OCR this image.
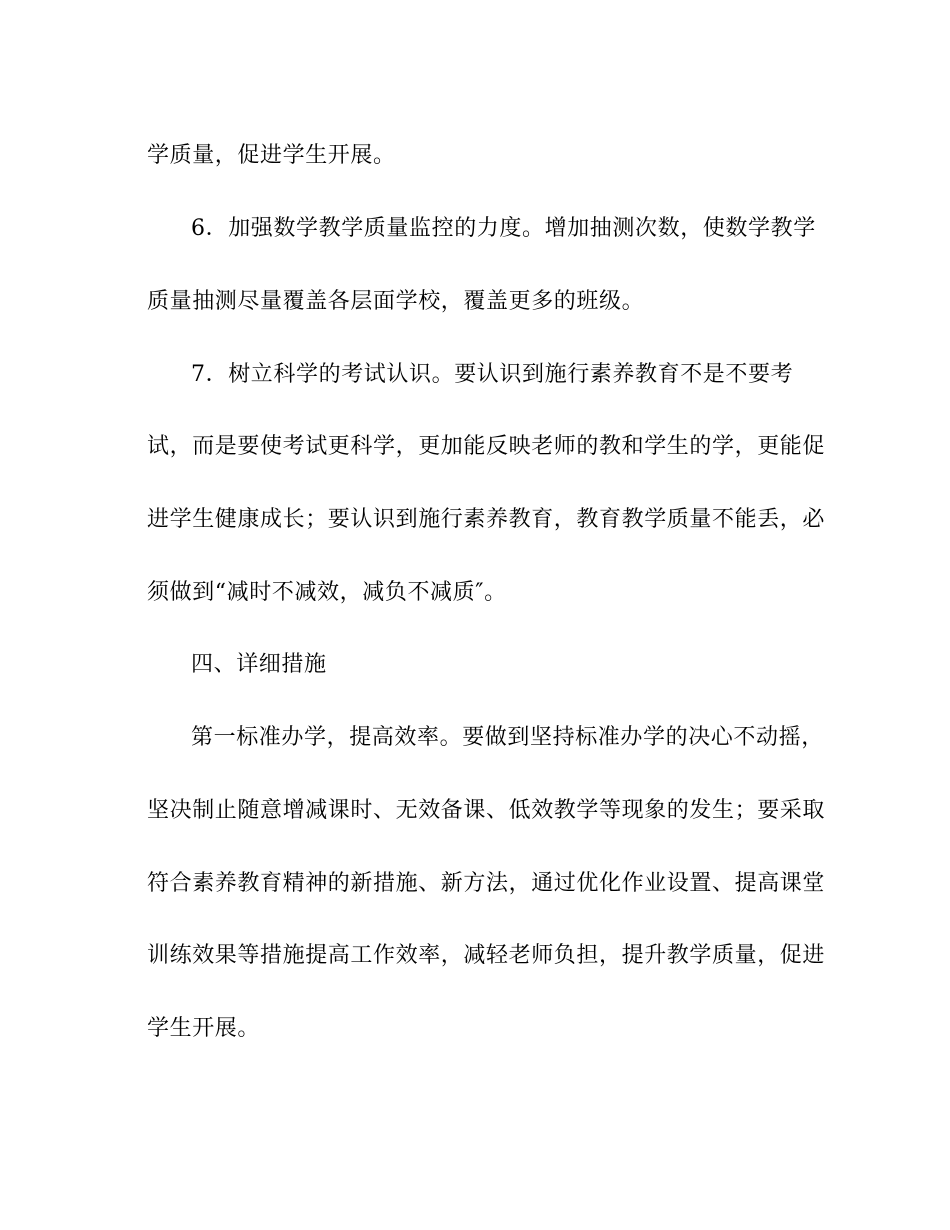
学质量，促进学生开展。
6．加强数学教学质量监控的力度。增加抽测次数，使数学教学
质量抽测尽量覆盖各层面学校，覆盖更多的班级。
7．树立科学的考试认识。要认识到施行素养教育不是不要考
试，而是要使考试更科学，更加能反映老师的教和学生的学，更能促
进学生健康成长；要认识到施行素养教育，教育教学质量不能丢，必
须做到“减时不减效，减负不减质″。
四、详细措施
第一标准办学，提高效率。要做到坚持标准办学的决心不动摇，
坚决制止随意增减课时、无效备课、低效教学等现象的发生；要采取
符合素养教育精神的新措施、新方法，通过优化作业设置、提高课堂
训练效果等措施提高工作效率，减轻老师负担，提升教学质量，促进
学生开展。
